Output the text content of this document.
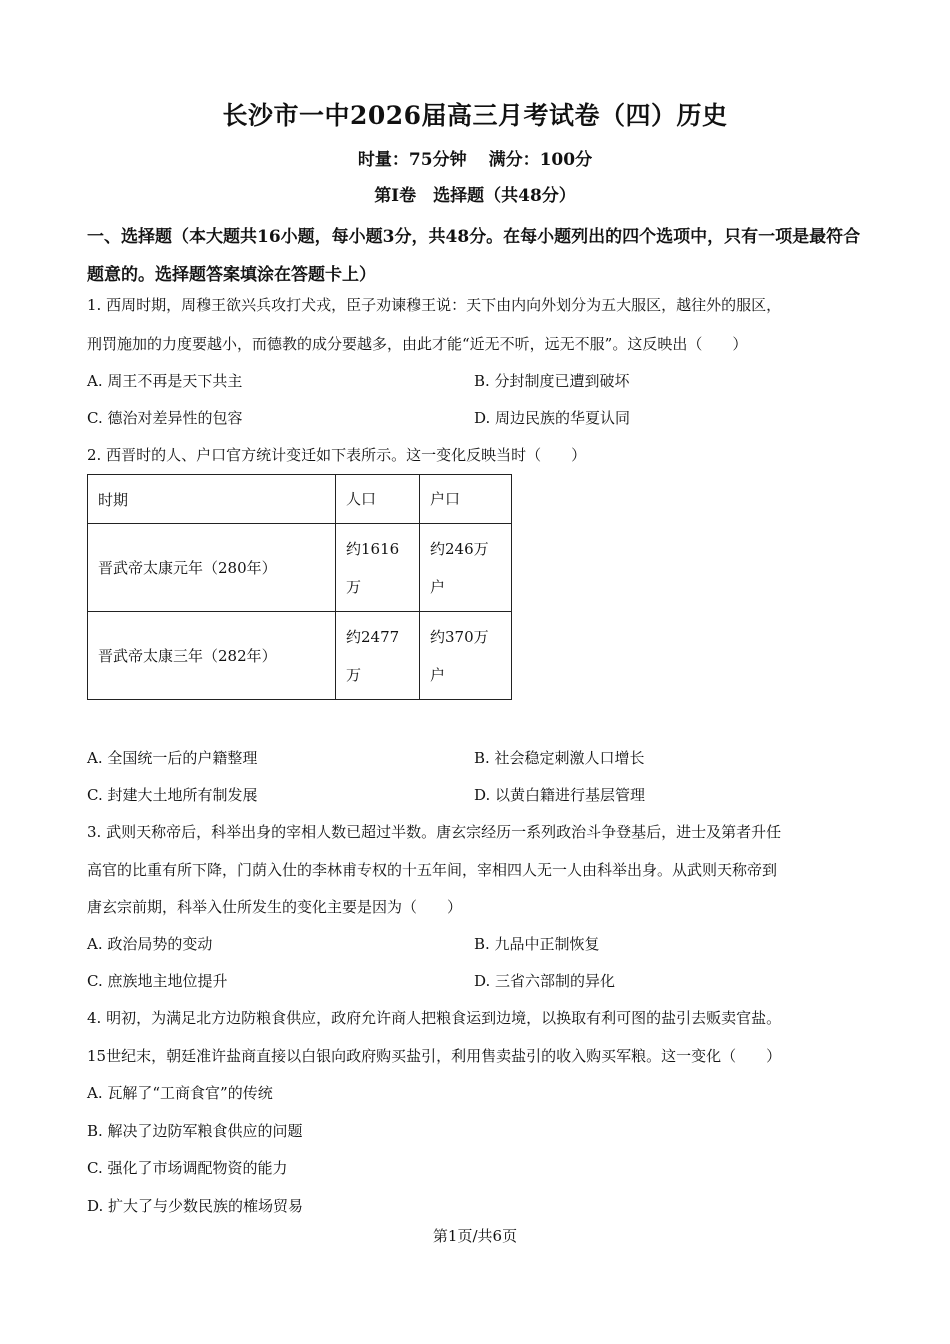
长沙市一中2026届高三月考试卷（四）历史
时量：75分钟 满分：100分
第Ⅰ卷　选择题（共48分）
一、选择题（本大题共16小题，每小题3分，共48分。在每小题列出的四个选项中，只有一项是最符合题意的。选择题答案填涂在答题卡上）
1. 西周时期，周穆王欲兴兵攻打犬戎，臣子劝谏穆王说：天下由内向外划分为五大服区，越往外的服区，
刑罚施加的力度要越小，而德教的成分要越多，由此才能“近无不听，远无不服”。这反映出（　　）
A. 周王不再是天下共主	B. 分封制度已遭到破坏
C. 德治对差异性的包容	D. 周边民族的华夏认同
2. 西晋时的人、户口官方统计变迁如下表所示。这一变化反映当时（　　）
时期	人口	户口
晋武帝太康元年（280年）	约1616万	约246万户
晋武帝太康三年（282年）	约2477万	约370万户
A. 全国统一后的户籍整理	B. 社会稳定刺激人口增长
C. 封建大土地所有制发展	D. 以黄白籍进行基层管理
3. 武则天称帝后，科举出身的宰相人数已超过半数。唐玄宗经历一系列政治斗争登基后，进士及第者升任
高官的比重有所下降，门荫入仕的李林甫专权的十五年间，宰相四人无一人由科举出身。从武则天称帝到
唐玄宗前期，科举入仕所发生的变化主要是因为（　　）
A. 政治局势的变动	B. 九品中正制恢复
C. 庶族地主地位提升	D. 三省六部制的异化
4. 明初，为满足北方边防粮食供应，政府允许商人把粮食运到边境，以换取有利可图的盐引去贩卖官盐。
15世纪末，朝廷准许盐商直接以白银向政府购买盐引，利用售卖盐引的收入购买军粮。这一变化（　　）
A. 瓦解了“工商食官”的传统
B. 解决了边防军粮食供应的问题
C. 强化了市场调配物资的能力
D. 扩大了与少数民族的榷场贸易
第1页/共6页
